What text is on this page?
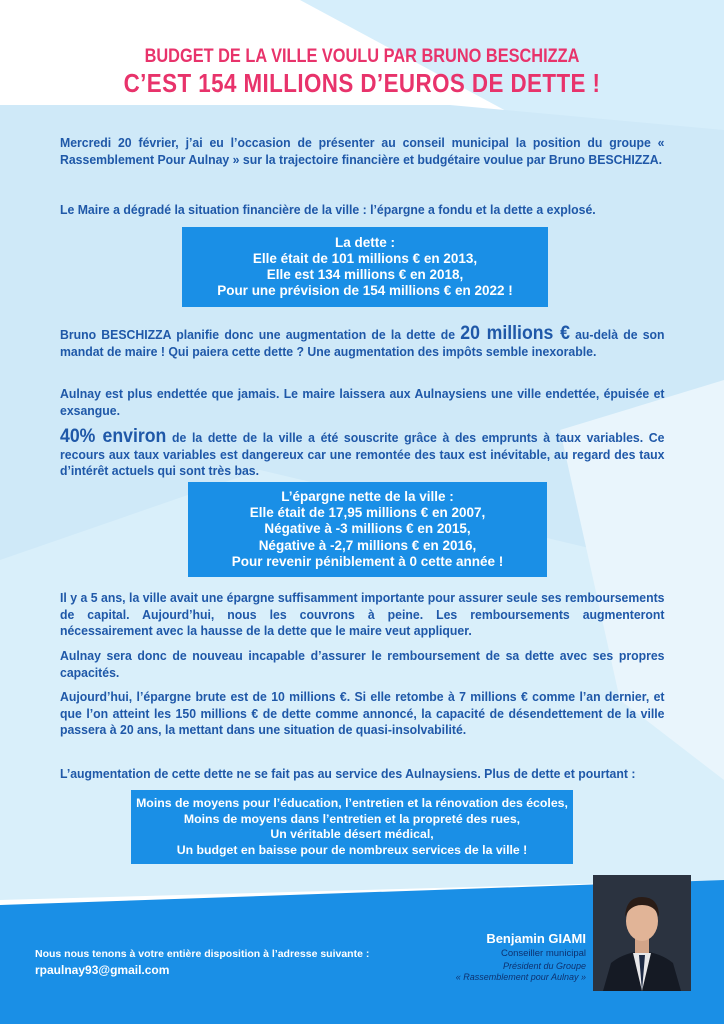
BUDGET DE LA VILLE VOULU PAR BRUNO BESCHIZZA
C’EST 154 MILLIONS D’EUROS DE DETTE !
Mercredi 20 février, j’ai eu l’occasion de présenter au conseil municipal la position du groupe « Rassemblement Pour Aulnay » sur la trajectoire financière et budgétaire voulue par Bruno BESCHIZZA.
Le Maire a dégradé la situation financière de la ville : l’épargne a fondu et la dette a explosé.
La dette :
Elle était de 101 millions € en 2013,
Elle est 134 millions € en 2018,
Pour une prévision de 154 millions € en 2022 !
Bruno BESCHIZZA planifie donc une augmentation de la dette de 20 millions € au-delà de son mandat de maire ! Qui paiera cette dette ? Une augmentation des impôts semble inexorable.
Aulnay est plus endettée que jamais. Le maire laissera aux Aulnaysiens une ville endettée, épuisée et exsangue.
40% environ de la dette de la ville a été souscrite grâce à des emprunts à taux variables. Ce recours aux taux variables est dangereux car une remontée des taux est inévitable, au regard des taux d’intérêt actuels qui sont très bas.
L’épargne nette de la ville :
Elle était de 17,95 millions € en 2007,
Négative à -3 millions € en 2015,
Négative à -2,7 millions € en 2016,
Pour revenir péniblement à 0 cette année !
Il y a 5 ans, la ville avait une épargne suffisamment importante pour assurer seule ses remboursements de capital. Aujourd’hui, nous les couvrons à peine. Les remboursements augmenteront nécessairement avec la hausse de la dette que le maire veut appliquer.
Aulnay sera donc de nouveau incapable d’assurer le remboursement de sa dette avec ses propres capacités.
Aujourd’hui, l’épargne brute est de 10 millions €. Si elle retombe à 7 millions € comme l’an dernier, et que l’on atteint les 150 millions € de dette comme annoncé, la capacité de désendettement de la ville passera à 20 ans, la mettant dans une situation de quasi-insolvabilité.
L’augmentation de cette dette ne se fait pas au service des Aulnaysiens. Plus de dette et pourtant :
Moins de moyens pour l’éducation, l’entretien et la rénovation des écoles,
Moins de moyens dans l’entretien et la propreté des rues,
Un véritable désert médical,
Un budget en baisse pour de nombreux services de la ville !
Nous nous tenons à votre entière disposition à l’adresse suivante :
rpaulnay93@gmail.com
Benjamin GIAMI
Conseiller municipal
Président du Groupe
« Rassemblement pour Aulnay »
